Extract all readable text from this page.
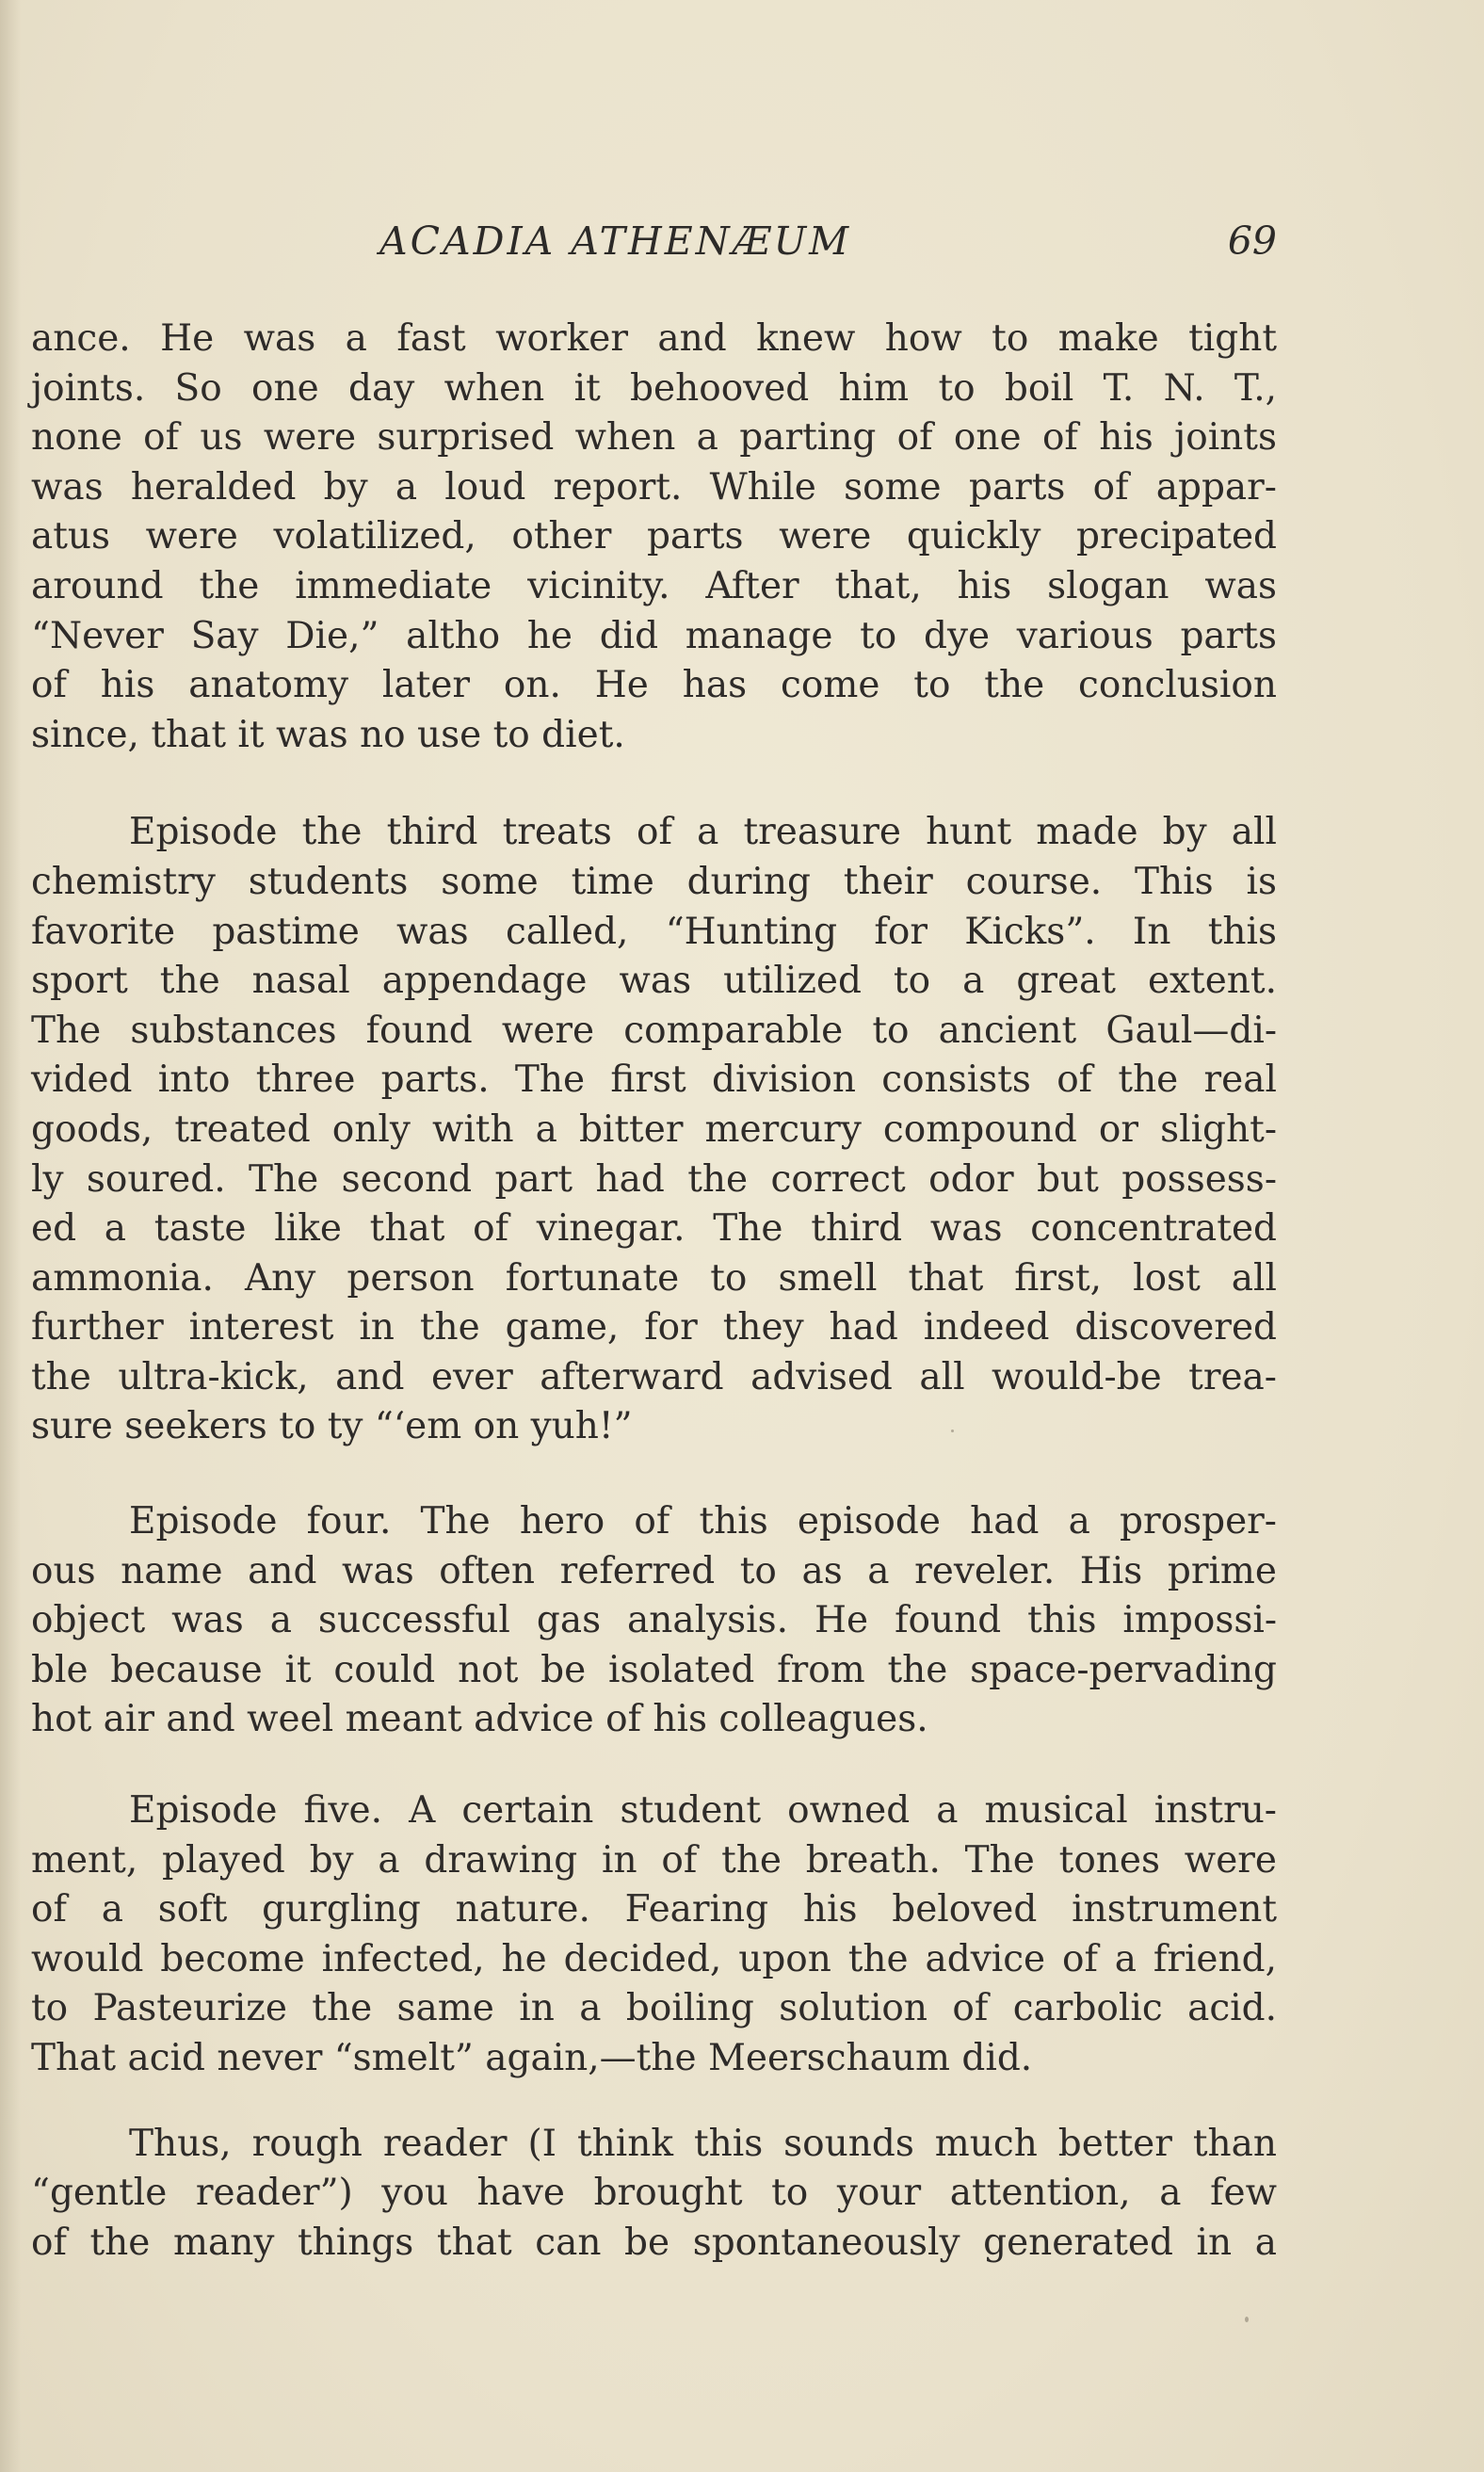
ACADIA ATHENÆUM	69
ance. He was a fast worker and knew how to make tight
joints. So one day when it behooved him to boil T. N. T.,
none of us were surprised when a parting of one of his joints
was heralded by a loud report. While some parts of appar-
atus were volatilized, other parts were quickly precipated
around the immediate vicinity. After that, his slogan was
“Never Say Die,” altho he did manage to dye various parts
of his anatomy later on. He has come to the conclusion
since, that it was no use to diet.
Episode the third treats of a treasure hunt made by all
chemistry students some time during their course. This is
favorite pastime was called, “Hunting for Kicks”. In this
sport the nasal appendage was utilized to a great extent.
The substances found were comparable to ancient Gaul—di-
vided into three parts. The first division consists of the real
goods, treated only with a bitter mercury compound or slight-
ly soured. The second part had the correct odor but possess-
ed a taste like that of vinegar. The third was concentrated
ammonia. Any person fortunate to smell that first, lost all
further interest in the game, for they had indeed discovered
the ultra-kick, and ever afterward advised all would-be trea-
sure seekers to ty “‘em on yuh!”
Episode four. The hero of this episode had a prosper-
ous name and was often referred to as a reveler. His prime
object was a successful gas analysis. He found this impossi-
ble because it could not be isolated from the space-pervading
hot air and weel meant advice of his colleagues.
Episode five. A certain student owned a musical instru-
ment, played by a drawing in of the breath. The tones were
of a soft gurgling nature. Fearing his beloved instrument
would become infected, he decided, upon the advice of a friend,
to Pasteurize the same in a boiling solution of carbolic acid.
That acid never “smelt” again,—the Meerschaum did.
Thus, rough reader (I think this sounds much better than
“gentle reader”) you have brought to your attention, a few
of the many things that can be spontaneously generated in a
